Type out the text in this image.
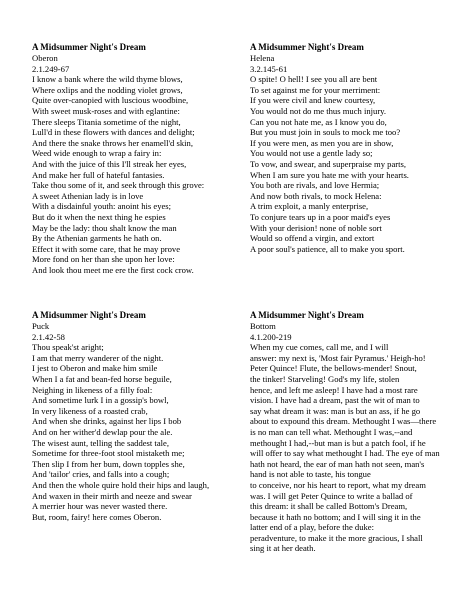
A Midsummer Night's Dream
Oberon
2.1.249-67
I know a bank where the wild thyme blows,
Where oxlips and the nodding violet grows,
Quite over-canopied with luscious woodbine,
With sweet musk-roses and with eglantine:
There sleeps Titania sometime of the night,
Lull'd in these flowers with dances and delight;
And there the snake throws her enamell'd skin,
Weed wide enough to wrap a fairy in:
And with the juice of this I'll streak her eyes,
And make her full of hateful fantasies.
Take thou some of it, and seek through this grove:
A sweet Athenian lady is in love
With a disdainful youth: anoint his eyes;
But do it when the next thing he espies
May be the lady: thou shalt know the man
By the Athenian garments he hath on.
Effect it with some care, that he may prove
More fond on her than she upon her love:
And look thou meet me ere the first cock crow.
A Midsummer Night's Dream
Helena
3.2.145-61
O spite! O hell! I see you all are bent
To set against me for your merriment:
If you were civil and knew courtesy,
You would not do me thus much injury.
Can you not hate me, as I know you do,
But you must join in souls to mock me too?
If you were men, as men you are in show,
You would not use a gentle lady so;
To vow, and swear, and superpraise my parts,
When I am sure you hate me with your hearts.
You both are rivals, and love Hermia;
And now both rivals, to mock Helena:
A trim exploit, a manly enterprise,
To conjure tears up in a poor maid's eyes
With your derision! none of noble sort
Would so offend a virgin, and extort
A poor soul's patience, all to make you sport.
A Midsummer Night's Dream
Puck
2.1.42-58
Thou speak'st aright;
I am that merry wanderer of the night.
I jest to Oberon and make him smile
When I a fat and bean-fed horse beguile,
Neighing in likeness of a filly foal:
And sometime lurk I in a gossip's bowl,
In very likeness of a roasted crab,
And when she drinks, against her lips I bob
And on her wither'd dewlap pour the ale.
The wisest aunt, telling the saddest tale,
Sometime for three-foot stool mistaketh me;
Then slip I from her bum, down topples she,
And 'tailor' cries, and falls into a cough;
And then the whole quire hold their hips and laugh,
And waxen in their mirth and neeze and swear
A merrier hour was never wasted there.
But, room, fairy! here comes Oberon.
A Midsummer Night's Dream
Bottom
4.1.200-219
When my cue comes, call me, and I will
answer: my next is, 'Most fair Pyramus.' Heigh-ho!
Peter Quince! Flute, the bellows-mender! Snout,
the tinker! Starveling! God's my life, stolen
hence, and left me asleep! I have had a most rare
vision. I have had a dream, past the wit of man to
say what dream it was: man is but an ass, if he go
about to expound this dream. Methought I was—there
is no man can tell what. Methought I was,--and
methought I had,--but man is but a patch fool, if he
will offer to say what methought I had. The eye of man
hath not heard, the ear of man hath not seen, man's
hand is not able to taste, his tongue
to conceive, nor his heart to report, what my dream
was. I will get Peter Quince to write a ballad of
this dream: it shall be called Bottom's Dream,
because it hath no bottom; and I will sing it in the
latter end of a play, before the duke:
peradventure, to make it the more gracious, I shall
sing it at her death.
